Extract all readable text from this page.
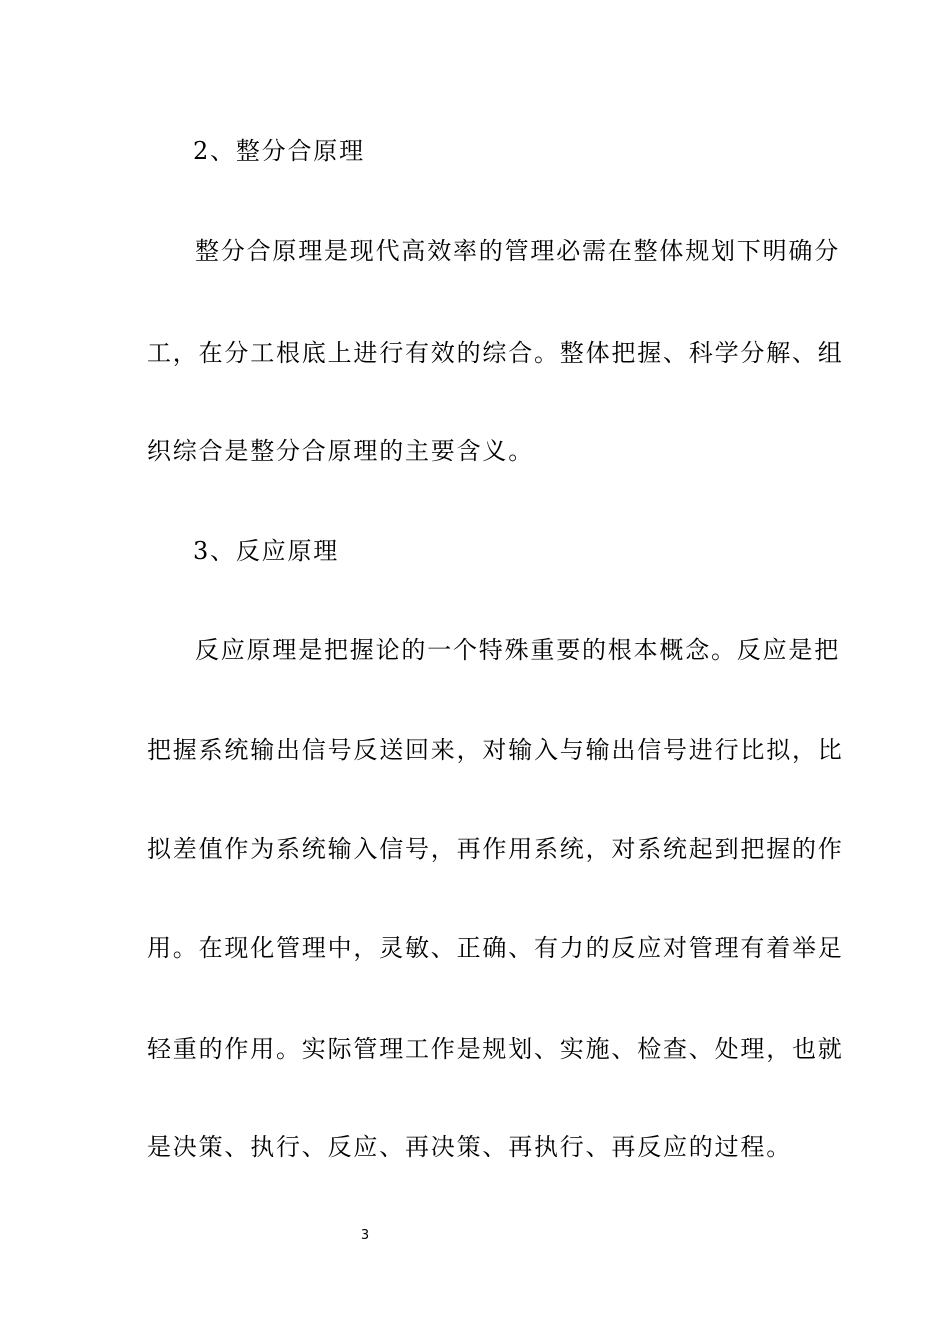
2、整分合原理
整分合原理是现代高效率的管理必需在整体规划下明确分
工，在分工根底上进行有效的综合。整体把握、科学分解、组
织综合是整分合原理的主要含义。
3、反应原理
反应原理是把握论的一个特殊重要的根本概念。反应是把
把握系统输出信号反送回来，对输入与输出信号进行比拟，比
拟差值作为系统输入信号，再作用系统，对系统起到把握的作
用。在现化管理中，灵敏、正确、有力的反应对管理有着举足
轻重的作用。实际管理工作是规划、实施、检查、处理，也就
是决策、执行、反应、再决策、再执行、再反应的过程。
3
